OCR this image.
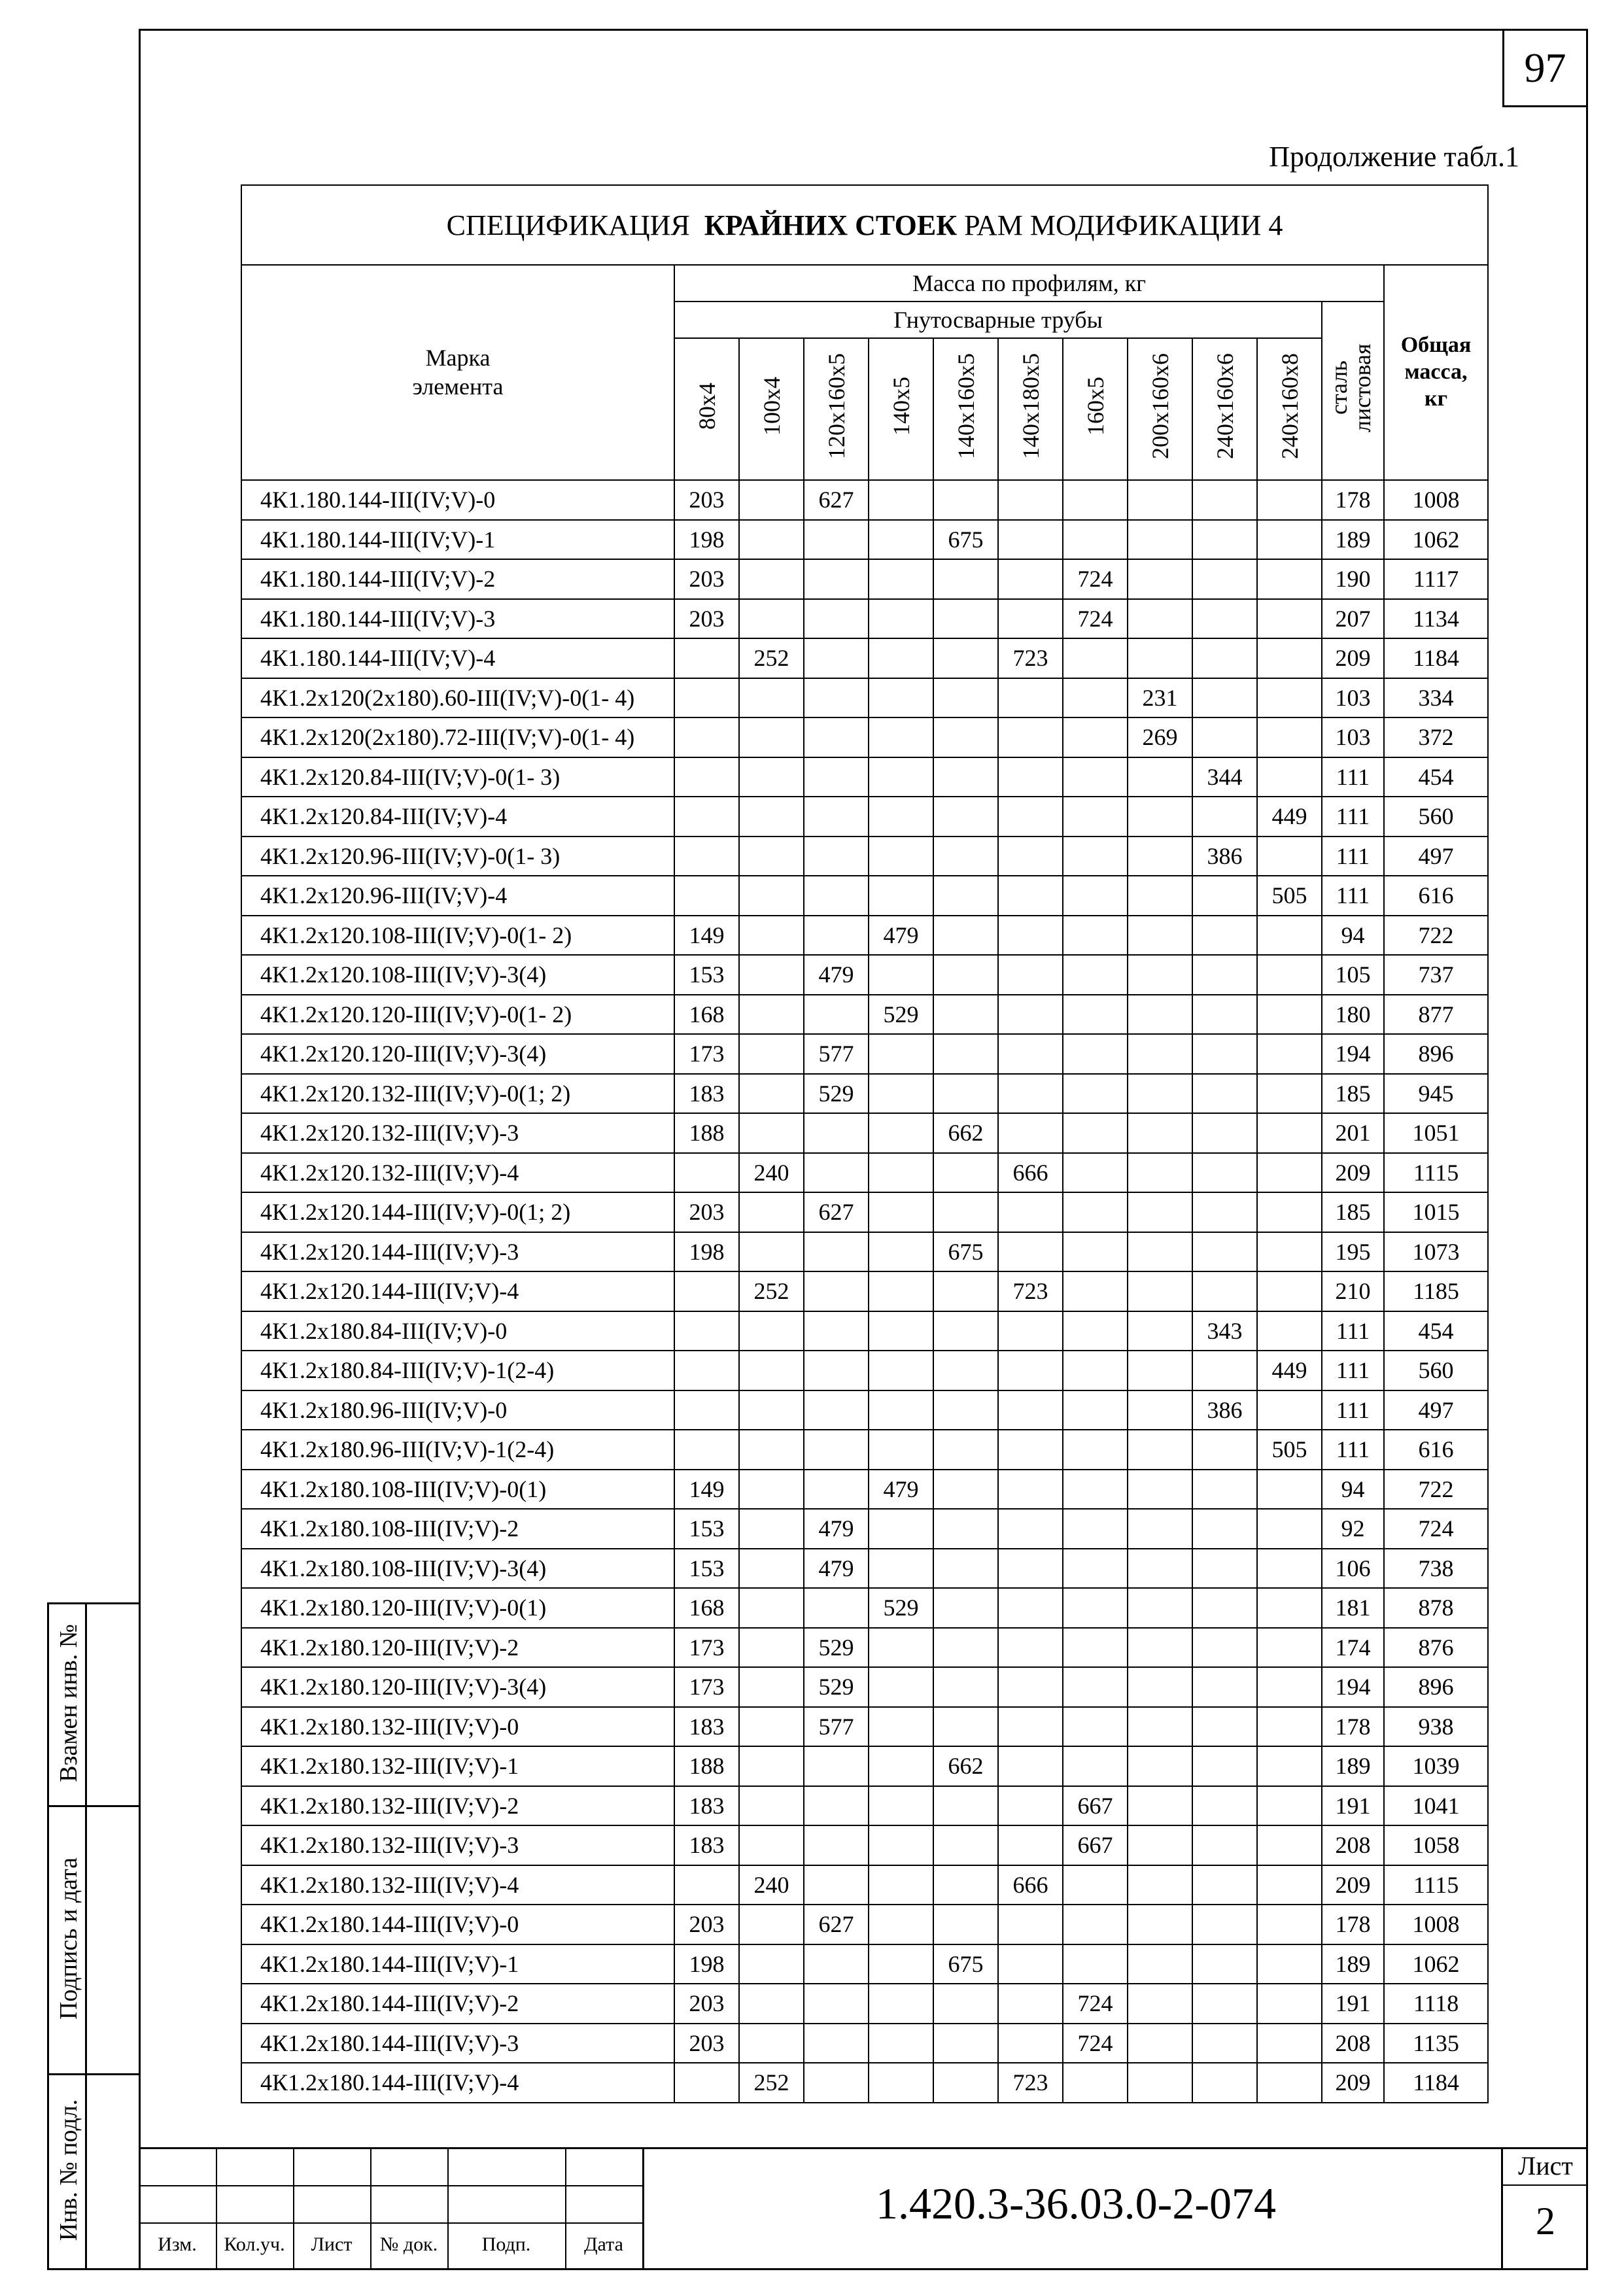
97
Продолжение табл.1
СПЕЦИФИКАЦИЯ КРАЙНИХ СТОЕК РАМ МОДИФИКАЦИИ 4												
Марка элемента	Масса по профилям, кг											Общая масса, кг
	Гнутосварные трубы										сталь листовая	
	80x4	100x4	120x160x5	140x5	140x160x5	140x180x5	160x5	200x160x6	240x160x6	240x160x8		
4К1.180.144-III(IV;V)-0	203		627								178	1008
4К1.180.144-III(IV;V)-1	198				675						189	1062
4К1.180.144-III(IV;V)-2	203						724				190	1117
4К1.180.144-III(IV;V)-3	203						724				207	1134
4К1.180.144-III(IV;V)-4		252				723					209	1184
4К1.2х120(2х180).60-III(IV;V)-0(1- 4)								231			103	334
4К1.2х120(2х180).72-III(IV;V)-0(1- 4)								269			103	372
4К1.2х120.84-III(IV;V)-0(1- 3)									344		111	454
4К1.2х120.84-III(IV;V)-4										449	111	560
4К1.2х120.96-III(IV;V)-0(1- 3)									386		111	497
4К1.2х120.96-III(IV;V)-4										505	111	616
4К1.2х120.108-III(IV;V)-0(1- 2)	149			479							94	722
4К1.2х120.108-III(IV;V)-3(4)	153		479								105	737
4К1.2х120.120-III(IV;V)-0(1- 2)	168			529							180	877
4К1.2х120.120-III(IV;V)-3(4)	173		577								194	896
4К1.2х120.132-III(IV;V)-0(1; 2)	183		529								185	945
4К1.2х120.132-III(IV;V)-3	188				662						201	1051
4К1.2х120.132-III(IV;V)-4		240				666					209	1115
4К1.2х120.144-III(IV;V)-0(1; 2)	203		627								185	1015
4К1.2х120.144-III(IV;V)-3	198				675						195	1073
4К1.2х120.144-III(IV;V)-4		252				723					210	1185
4К1.2х180.84-III(IV;V)-0									343		111	454
4К1.2х180.84-III(IV;V)-1(2-4)										449	111	560
4К1.2х180.96-III(IV;V)-0									386		111	497
4К1.2х180.96-III(IV;V)-1(2-4)										505	111	616
4К1.2х180.108-III(IV;V)-0(1)	149			479							94	722
4К1.2х180.108-III(IV;V)-2	153		479								92	724
4К1.2х180.108-III(IV;V)-3(4)	153		479								106	738
4К1.2х180.120-III(IV;V)-0(1)	168			529							181	878
4К1.2х180.120-III(IV;V)-2	173		529								174	876
4К1.2х180.120-III(IV;V)-3(4)	173		529								194	896
4К1.2х180.132-III(IV;V)-0	183		577								178	938
4К1.2х180.132-III(IV;V)-1	188				662						189	1039
4К1.2х180.132-III(IV;V)-2	183						667				191	1041
4К1.2х180.132-III(IV;V)-3	183						667				208	1058
4К1.2х180.132-III(IV;V)-4		240				666					209	1115
4К1.2х180.144-III(IV;V)-0	203		627								178	1008
4К1.2х180.144-III(IV;V)-1	198				675						189	1062
4К1.2х180.144-III(IV;V)-2	203						724				191	1118
4К1.2х180.144-III(IV;V)-3	203						724				208	1135
4К1.2х180.144-III(IV;V)-4		252				723					209	1184
Взамен инв. №
Подпись и дата
Инв. № подл.
Изм.	Кол.уч.	Лист	№ док.	Подп.	Дата
1.420.3-36.03.0-2-074
Лист
2
